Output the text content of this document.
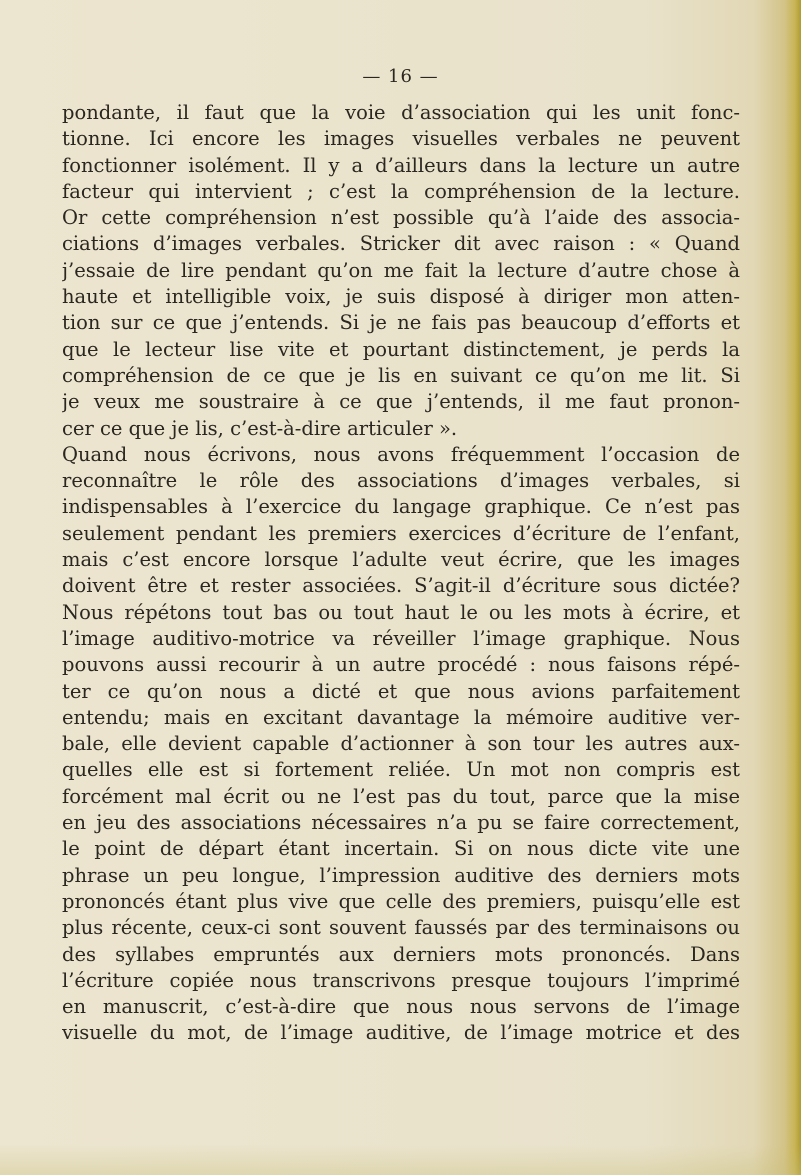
— 16 —
pondante, il faut que la voie d’association qui les unit fonc-
tionne. Ici encore les images visuelles verbales ne peuvent
fonctionner isolément. Il y a d’ailleurs dans la lecture un autre
facteur qui intervient ; c’est la compréhension de la lecture.
Or cette compréhension n’est possible qu’à l’aide des associa-
ciations d’images verbales. Stricker dit avec raison : « Quand
j’essaie de lire pendant qu’on me fait la lecture d’autre chose à
haute et intelligible voix, je suis disposé à diriger mon atten-
tion sur ce que j’entends. Si je ne fais pas beaucoup d’efforts et
que le lecteur lise vite et pourtant distinctement, je perds la
compréhension de ce que je lis en suivant ce qu’on me lit. Si
je veux me soustraire à ce que j’entends, il me faut pronon-
cer ce que je lis, c’est-à-dire articuler ».
Quand nous écrivons, nous avons fréquemment l’occasion de
reconnaître le rôle des associations d’images verbales, si
indispensables à l’exercice du langage graphique. Ce n’est pas
seulement pendant les premiers exercices d’écriture de l’enfant,
mais c’est encore lorsque l’adulte veut écrire, que les images
doivent être et rester associées. S’agit-il d’écriture sous dictée?
Nous répétons tout bas ou tout haut le ou les mots à écrire, et
l’image auditivo-motrice va réveiller l’image graphique. Nous
pouvons aussi recourir à un autre procédé : nous faisons répé-
ter ce qu’on nous a dicté et que nous avions parfaitement
entendu; mais en excitant davantage la mémoire auditive ver-
bale, elle devient capable d’actionner à son tour les autres aux-
quelles elle est si fortement reliée. Un mot non compris est
forcément mal écrit ou ne l’est pas du tout, parce que la mise
en jeu des associations nécessaires n’a pu se faire correctement,
le point de départ étant incertain. Si on nous dicte vite une
phrase un peu longue, l’impression auditive des derniers mots
prononcés étant plus vive que celle des premiers, puisqu’elle est
plus récente, ceux-ci sont souvent faussés par des terminaisons ou
des syllabes empruntés aux derniers mots prononcés. Dans
l’écriture copiée nous transcrivons presque toujours l’imprimé
en manuscrit, c’est-à-dire que nous nous servons de l’image
visuelle du mot, de l’image auditive, de l’image motrice et des
